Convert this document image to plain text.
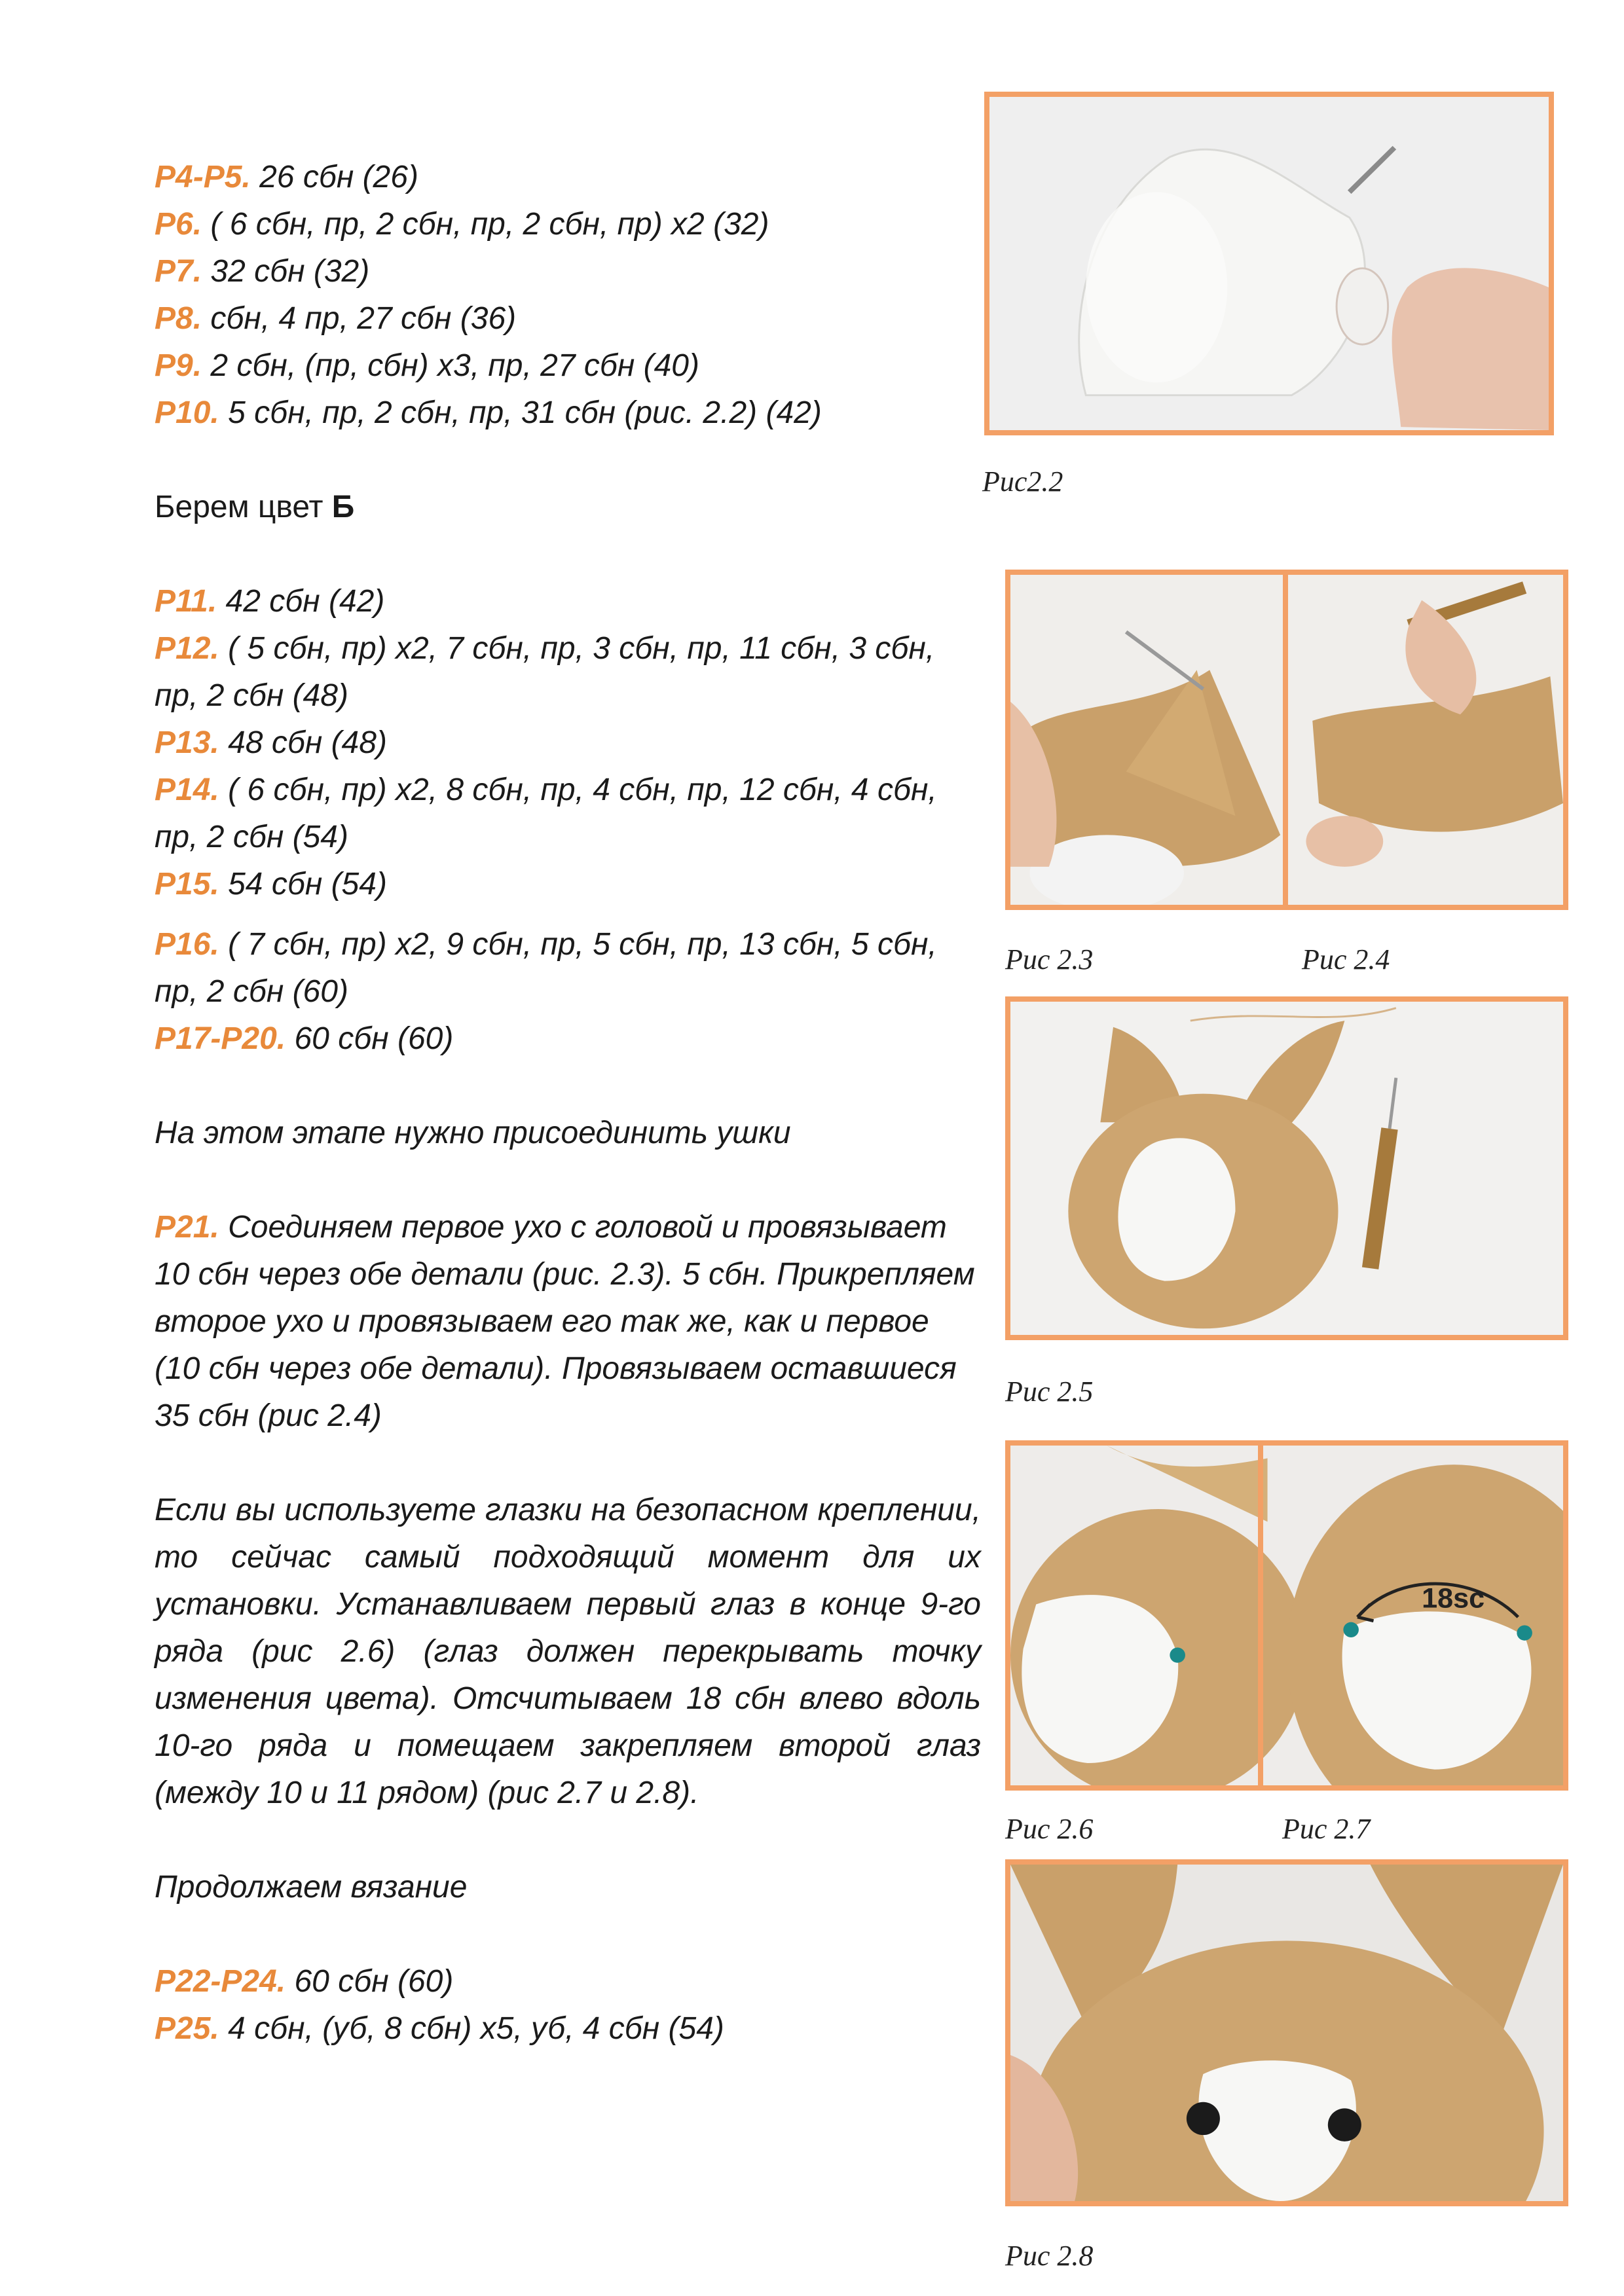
Р4-Р5. 26 сбн (26)
Р6. ( 6 сбн, пр, 2 сбн, пр, 2 сбн, пр) х2 (32)
Р7. 32 сбн (32)
Р8. сбн, 4 пр, 27 сбн (36)
Р9. 2 сбн, (пр, сбн) х3, пр, 27 сбн (40)
Р10. 5 сбн, пр, 2 сбн, пр, 31 сбн (рис. 2.2) (42)
Берем цвет Б
Р11. 42 сбн (42)
Р12. ( 5 сбн, пр) х2, 7 сбн, пр, 3 сбн, пр, 11 сбн, 3 сбн, пр, 2 сбн (48)
Р13. 48 сбн (48)
Р14. ( 6 сбн, пр) х2, 8 сбн, пр, 4 сбн, пр, 12 сбн, 4 сбн, пр, 2 сбн (54)
Р15. 54 сбн (54)
Р16. ( 7 сбн, пр) х2, 9 сбн, пр, 5 сбн, пр, 13 сбн, 5 сбн, пр, 2 сбн (60)
Р17-Р20. 60 сбн (60)
На этом этапе нужно присоединить ушки
Р21. Соединяем первое ухо с головой и провязывает 10 сбн через обе детали (рис. 2.3). 5 сбн. Прикрепляем второе ухо и провязываем его так же, как и первое (10 сбн через обе детали). Провязываем оставшиеся 35 сбн (рис 2.4)
Если вы используете глазки на безопасном креплении, то сейчас самый подходящий момент для их установки. Устанавливаем первый глаз в конце 9-го ряда (рис 2.6) (глаз должен перекрывать точку изменения цвета). Отсчитываем 18 сбн влево вдоль 10-го ряда и помещаем закрепляем второй глаз (между 10 и 11 рядом) (рис 2.7 и 2.8).
Продолжаем вязание
Р22-Р24. 60 сбн (60)
Р25. 4 сбн, (уб, 8 сбн) х5, уб, 4 сбн (54)
Рис2.2
Рис 2.3	Рис 2.4
Рис 2.5
18sc
Рис 2.6	Рис 2.7
Рис 2.8
